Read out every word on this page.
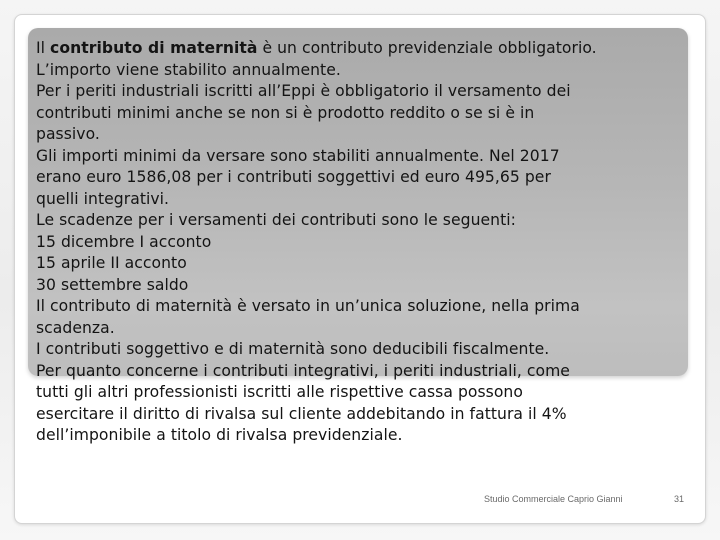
Il contributo di maternità è un contributo previdenziale obbligatorio.
L’importo viene stabilito annualmente.
Per i periti industriali iscritti all’Eppi è obbligatorio il versamento dei
contributi minimi anche se non si è prodotto reddito o se si è in
passivo.
Gli importi minimi da versare sono stabiliti annualmente. Nel 2017
erano euro 1586,08 per i contributi soggettivi ed euro 495,65 per
quelli integrativi.
Le scadenze per i versamenti dei contributi sono le seguenti:
15 dicembre I acconto
15 aprile II acconto
30 settembre saldo
Il contributo di maternità è versato in un’unica soluzione, nella prima
scadenza.
I contributi soggettivo e di maternità sono deducibili fiscalmente.
Per quanto concerne i contributi integrativi, i periti industriali, come
tutti gli altri professionisti iscritti alle rispettive cassa possono
esercitare il diritto di rivalsa sul cliente addebitando in fattura il 4%
dell’imponibile a titolo di rivalsa previdenziale.
Studio Commerciale Caprio Gianni	31
